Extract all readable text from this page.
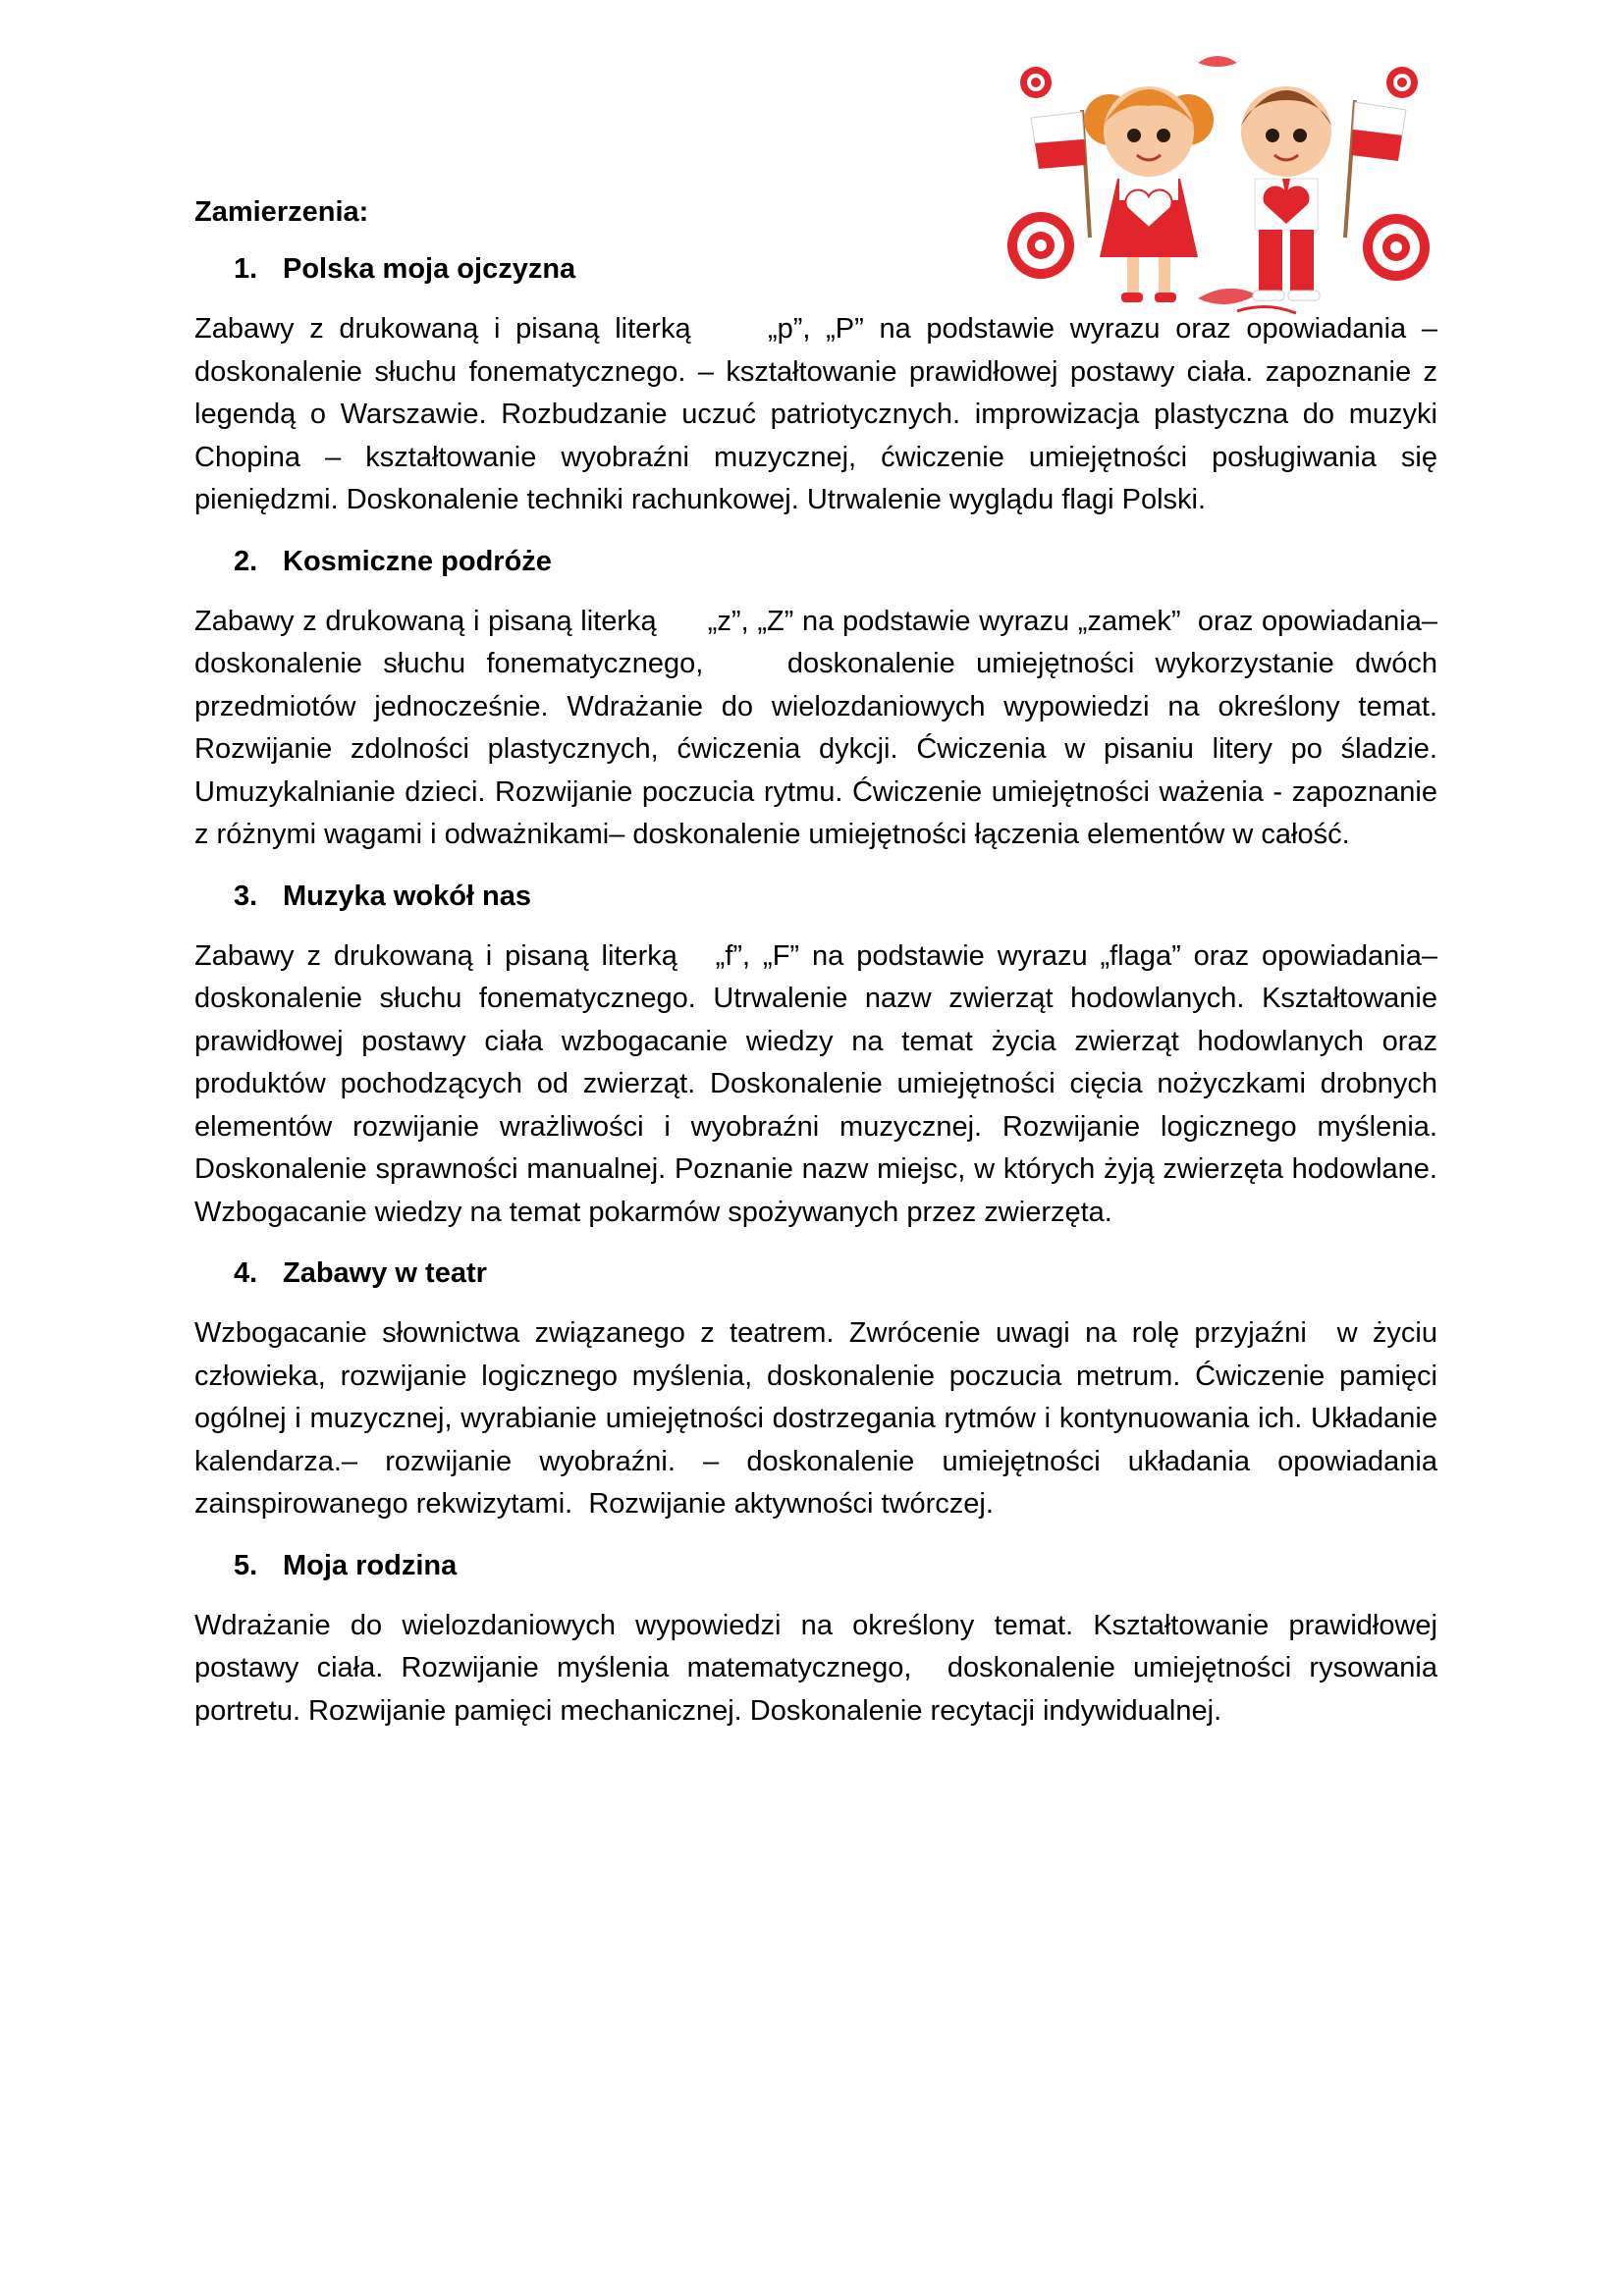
Zamierzenia:
1. Polska moja ojczyzna

Zabawy z drukowaną i pisaną literką     „p”, „P” na podstawie wyrazu oraz opowiadania – doskonalenie słuchu fonematycznego. – kształtowanie prawidłowej postawy ciała. zapoznanie z legendą o Warszawie. Rozbudzanie uczuć patriotycznych. improwizacja plastyczna do muzyki Chopina – kształtowanie wyobraźni muzycznej, ćwiczenie umiejętności posługiwania się pieniędzmi. Doskonalenie techniki rachunkowej. Utrwalenie wyglądu flagi Polski.

2. Kosmiczne podróże

Zabawy z drukowaną i pisaną literką      „z”, „Z” na podstawie wyrazu „zamek”  oraz opowiadania– doskonalenie słuchu fonematycznego,    doskonalenie umiejętności wykorzystanie dwóch przedmiotów jednocześnie. Wdrażanie do wielozdaniowych wypowiedzi na określony temat. Rozwijanie zdolności plastycznych, ćwiczenia dykcji. Ćwiczenia w pisaniu litery po śladzie. Umuzykalnianie dzieci. Rozwijanie poczucia rytmu. Ćwiczenie umiejętności ważenia - zapoznanie z różnymi wagami i odważnikami– doskonalenie umiejętności łączenia elementów w całość.

3. Muzyka wokół nas

Zabawy z drukowaną i pisaną literką   „f”, „F” na podstawie wyrazu „flaga” oraz opowiadania– doskonalenie słuchu fonematycznego. Utrwalenie nazw zwierząt hodowlanych. Kształtowanie prawidłowej postawy ciała wzbogacanie wiedzy na temat życia zwierząt hodowlanych oraz produktów pochodzących od zwierząt. Doskonalenie umiejętności cięcia nożyczkami drobnych elementów rozwijanie wrażliwości i wyobraźni muzycznej. Rozwijanie logicznego myślenia. Doskonalenie sprawności manualnej. Poznanie nazw miejsc, w których żyją zwierzęta hodowlane. Wzbogacanie wiedzy na temat pokarmów spożywanych przez zwierzęta.

4. Zabawy w teatr

Wzbogacanie słownictwa związanego z teatrem. Zwrócenie uwagi na rolę przyjaźni  w życiu człowieka, rozwijanie logicznego myślenia, doskonalenie poczucia metrum. Ćwiczenie pamięci ogólnej i muzycznej, wyrabianie umiejętności dostrzegania rytmów i kontynuowania ich. Układanie kalendarza.– rozwijanie wyobraźni. – doskonalenie umiejętności układania opowiadania zainspirowanego rekwizytami.  Rozwijanie aktywności twórczej.

5. Moja rodzina

Wdrażanie do wielozdaniowych wypowiedzi na określony temat. Kształtowanie prawidłowej postawy ciała. Rozwijanie myślenia matematycznego,  doskonalenie umiejętności rysowania portretu. Rozwijanie pamięci mechanicznej. Doskonalenie recytacji indywidualnej.
